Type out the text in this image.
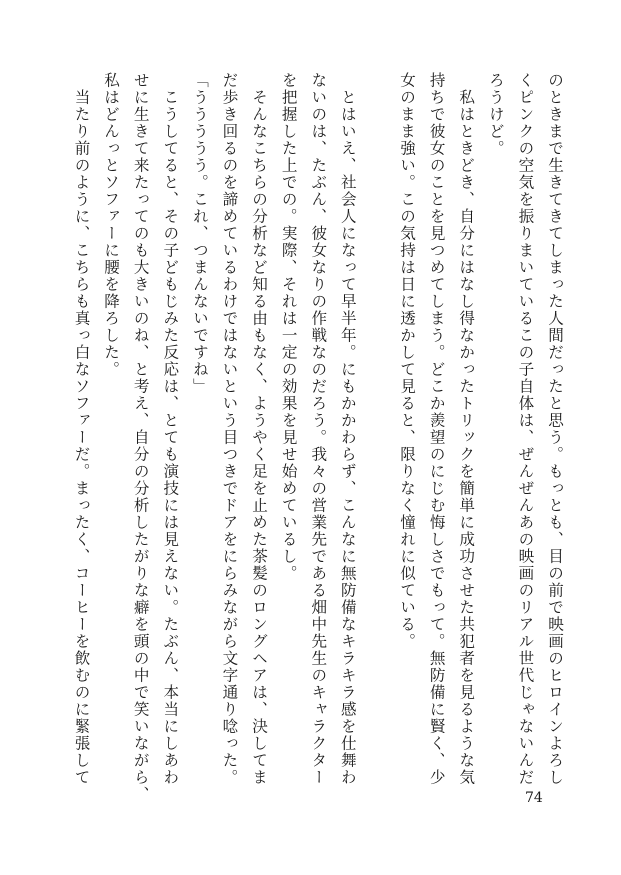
のときまで生きてきてしまった人間だったと思う。もっとも、目の前で映画のヒロインよろし
くピンクの空気を振りまいているこの子自体は、ぜんぜんあの映画のリアル世代じゃないんだ
ろうけど。
　私はときどき、自分にはなし得なかったトリックを簡単に成功させた共犯者を見るような気
持ちで彼女のことを見つめてしまう。どこか羨望のにじむ悔しさでもって。無防備に賢く、少
女のまま強い。この気持は日に透かして見ると、限りなく憧れに似ている。
　とはいえ、社会人になって早半年。にもかかわらず、こんなに無防備なキラキラ感を仕舞わ
ないのは、たぶん、彼女なりの作戦なのだろう。我々の営業先である畑中先生のキャラクター
を把握した上での。実際、それは一定の効果を見せ始めているし。
　そんなこちらの分析など知る由もなく、ようやく足を止めた茶髪のロングヘアは、決してま
だ歩き回るのを諦めているわけではないという目つきでドアをにらみながら文字通り唸った。
「ううううう。これ、つまんないですね」
　こうしてると、その子どもじみた反応は、とても演技には見えない。たぶん、本当にしあわ
せに生きて来たってのも大きいのね、と考え、自分の分析したがりな癖を頭の中で笑いながら、
私はどんっとソファーに腰を降ろした。
　当たり前のように、こちらも真っ白なソファーだ。まったく、コーヒーを飲むのに緊張して
74
